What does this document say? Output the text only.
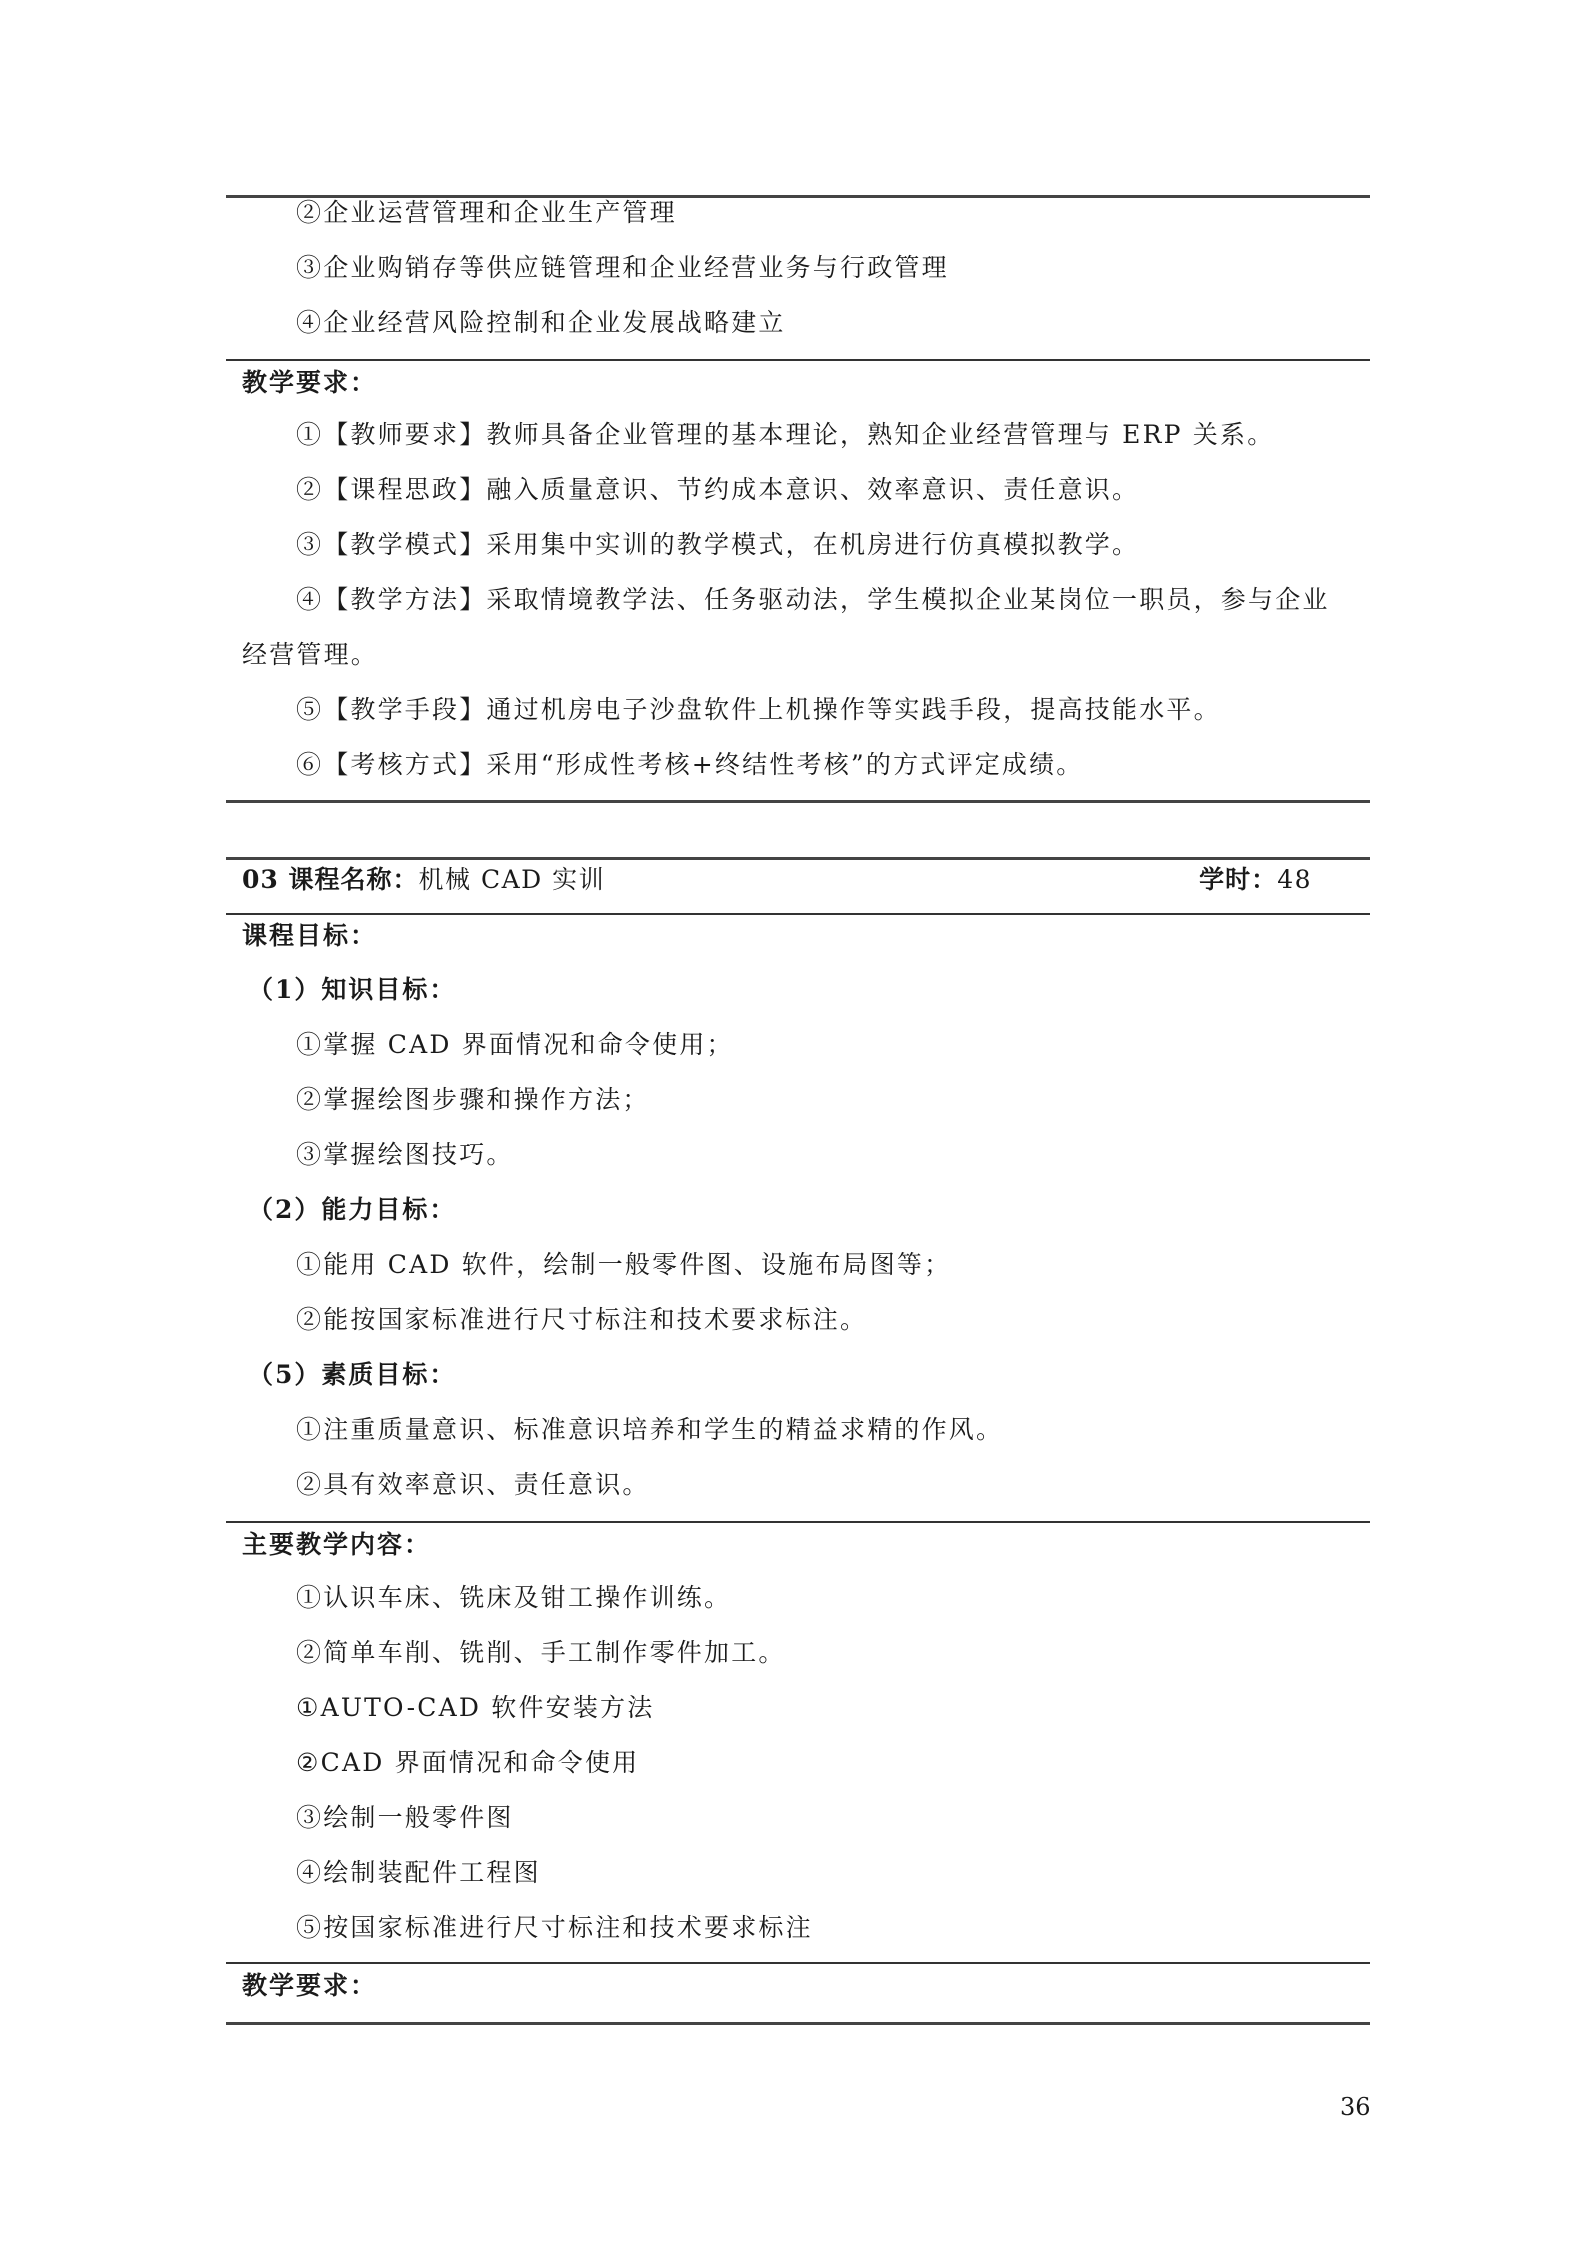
②企业运营管理和企业生产管理
③企业购销存等供应链管理和企业经营业务与行政管理
④企业经营风险控制和企业发展战略建立
教学要求：
①【教师要求】教师具备企业管理的基本理论，熟知企业经营管理与 ERP 关系。
②【课程思政】融入质量意识、节约成本意识、效率意识、责任意识。
③【教学模式】采用集中实训的教学模式，在机房进行仿真模拟教学。
④【教学方法】采取情境教学法、任务驱动法，学生模拟企业某岗位一职员，参与企业
经营管理。
⑤【教学手段】通过机房电子沙盘软件上机操作等实践手段，提高技能水平。
⑥【考核方式】采用“形成性考核+终结性考核”的方式评定成绩。
03 课程名称：机械 CAD 实训	学时：48
课程目标：
（1）知识目标：
①掌握 CAD 界面情况和命令使用；
②掌握绘图步骤和操作方法；
③掌握绘图技巧。
（2）能力目标：
①能用 CAD 软件，绘制一般零件图、设施布局图等；
②能按国家标准进行尺寸标注和技术要求标注。
（5）素质目标：
①注重质量意识、标准意识培养和学生的精益求精的作风。
②具有效率意识、责任意识。
主要教学内容：
①认识车床、铣床及钳工操作训练。
②简单车削、铣削、手工制作零件加工。
①AUTO-CAD 软件安装方法
②CAD 界面情况和命令使用
③绘制一般零件图
④绘制装配件工程图
⑤按国家标准进行尺寸标注和技术要求标注
教学要求：
36
